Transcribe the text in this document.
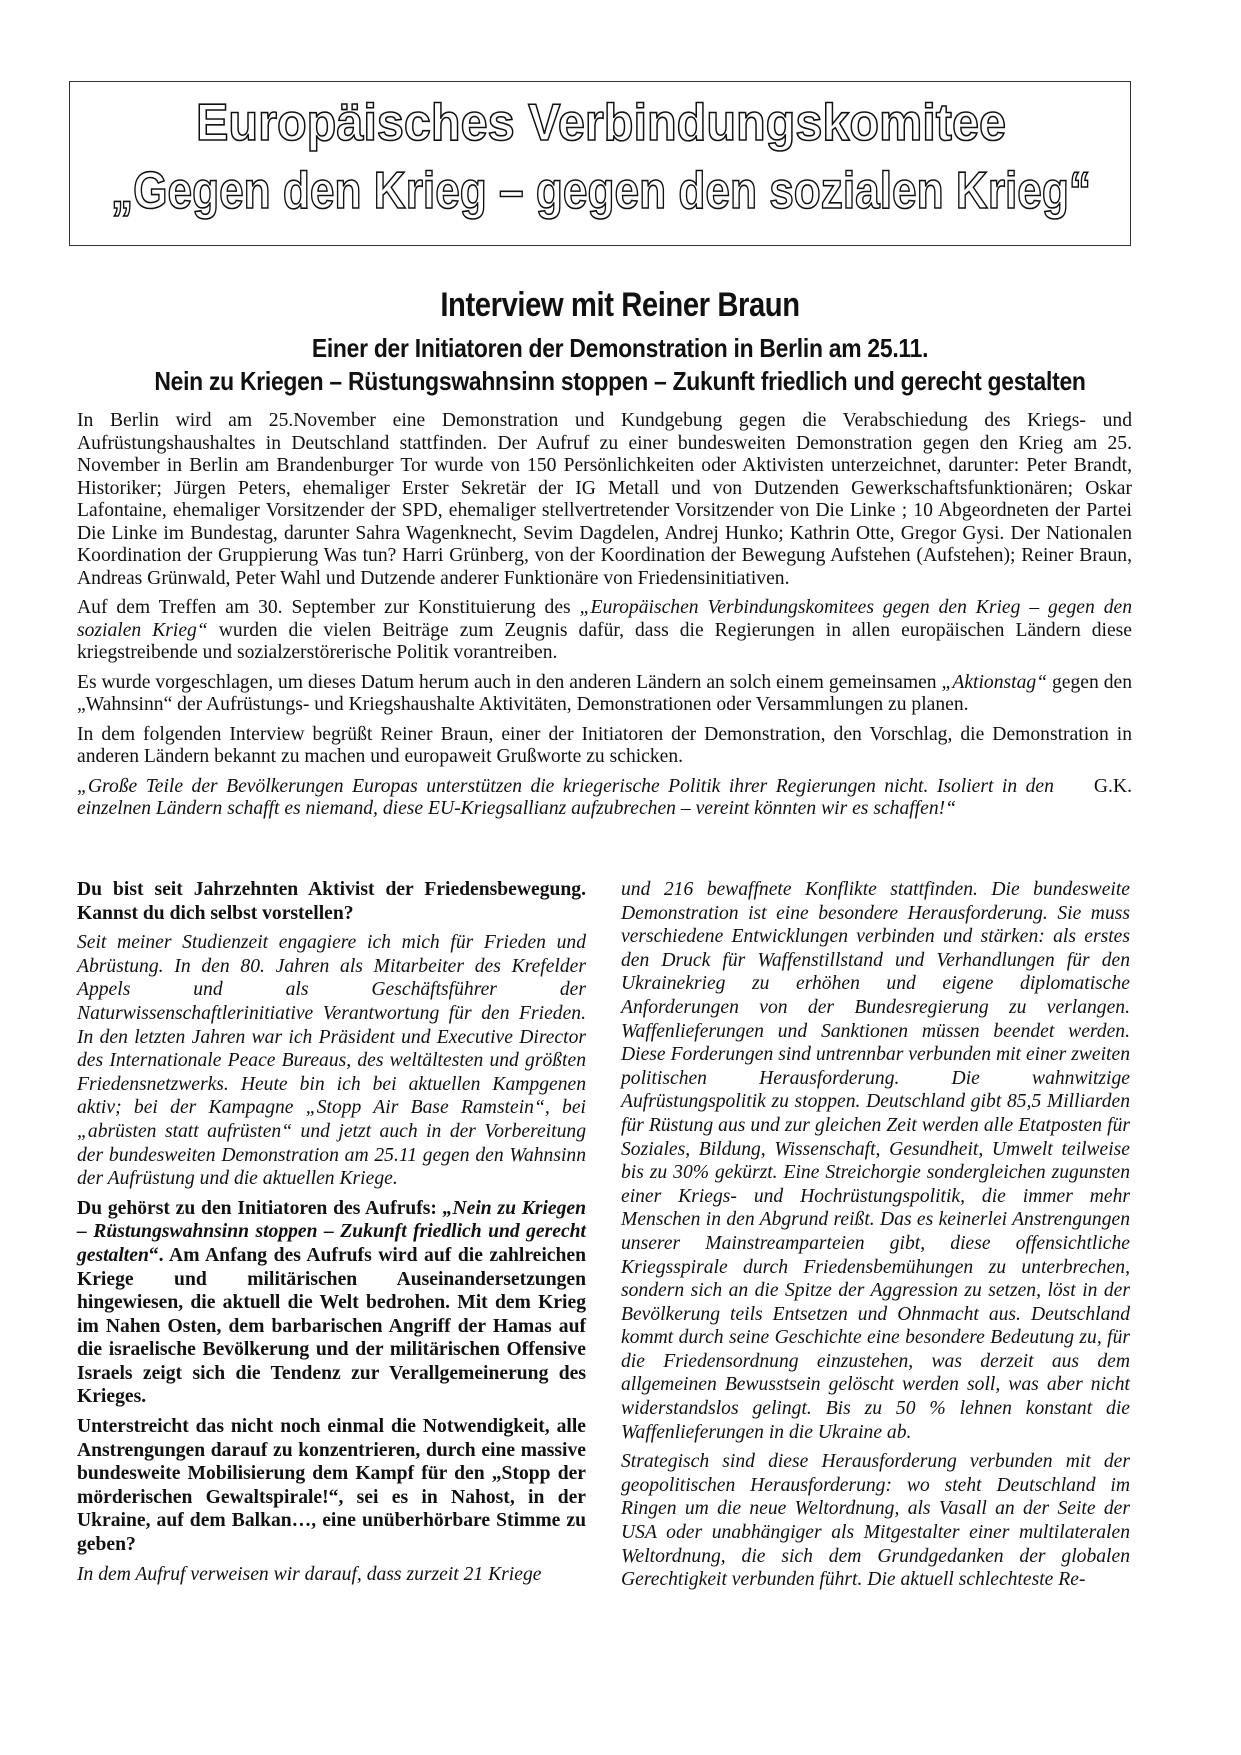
Europäisches Verbindungskomitee
„Gegen den Krieg – gegen den sozialen Krieg“
Interview mit Reiner Braun
Einer der Initiatoren der Demonstration in Berlin am 25.11.
Nein zu Kriegen – Rüstungswahnsinn stoppen – Zukunft friedlich und gerecht gestalten

In Berlin wird am 25.November eine Demonstration und Kundgebung gegen die Verabschiedung des Kriegs- und Aufrüstungshaushaltes in Deutschland stattfinden. Der Aufruf zu einer bundesweiten Demonstration gegen den Krieg am 25. November in Berlin am Brandenburger Tor wurde von 150 Persönlichkeiten oder Aktivisten unterzeichnet, darunter: Peter Brandt, Historiker; Jürgen Peters, ehemaliger Erster Sekretär der IG Metall und von Dutzenden Gewerkschaftsfunktionären; Oskar Lafontaine, ehemaliger Vorsitzender der SPD, ehemaliger stellvertretender Vorsitzender von Die Linke ; 10 Abgeordneten der Partei Die Linke im Bundestag, darunter Sahra Wagenknecht, Sevim Dagdelen, Andrej Hunko; Kathrin Otte, Gregor Gysi. Der Nationalen Koordination der Gruppierung Was tun? Harri Grünberg, von der Koordination der Bewegung Aufstehen (Aufstehen); Reiner Braun, Andreas Grünwald, Peter Wahl und Dutzende anderer Funktionäre von Friedensinitiativen.

Auf dem Treffen am 30. September zur Konstituierung des „Europäischen Verbindungskomitees gegen den Krieg – gegen den sozialen Krieg“ wurden die vielen Beiträge zum Zeugnis dafür, dass die Regierungen in allen europäischen Ländern diese kriegstreibende und sozialzerstörerische Politik vorantreiben.

Es wurde vorgeschlagen, um dieses Datum herum auch in den anderen Ländern an solch einem gemeinsamen „Aktionstag“ gegen den „Wahnsinn“ der Aufrüstungs- und Kriegshaushalte Aktivitäten, Demonstrationen oder Versammlungen zu planen.

In dem folgenden Interview begrüßt Reiner Braun, einer der Initiatoren der Demonstration, den Vorschlag, die Demonstration in anderen Ländern bekannt zu machen und europaweit Grußworte zu schicken.

G.K.
„Große Teile der Bevölkerungen Europas unterstützen die kriegerische Politik ihrer Regierungen nicht. Isoliert in den einzelnen Ländern schafft es niemand, diese EU-Kriegsallianz aufzubrechen – vereint könnten wir es schaffen!“

Du bist seit Jahrzehnten Aktivist der Friedensbewegung. Kannst du dich selbst vorstellen?

Seit meiner Studienzeit engagiere ich mich für Frieden und Abrüstung. In den 80. Jahren als Mitarbeiter des Krefelder Appels und als Geschäftsführer der Naturwissenschaftlerinitiative Verantwortung für den Frieden. In den letzten Jahren war ich Präsident und Executive Director des Internationale Peace Bureaus, des weltältesten und größten Friedensnetzwerks. Heute bin ich bei aktuellen Kampgenen aktiv; bei der Kampagne „Stopp Air Base Ramstein“, bei „abrüsten statt aufrüsten“ und jetzt auch in der Vorbereitung der bundesweiten Demonstration am 25.11 gegen den Wahnsinn der Aufrüstung und die aktuellen Kriege.

Du gehörst zu den Initiatoren des Aufrufs: „Nein zu Kriegen – Rüstungswahnsinn stoppen – Zukunft friedlich und gerecht gestalten“. Am Anfang des Aufrufs wird auf die zahlreichen Kriege und militärischen Auseinandersetzungen hingewiesen, die aktuell die Welt bedrohen. Mit dem Krieg im Nahen Osten, dem barbarischen Angriff der Hamas auf die israelische Bevölkerung und der militärischen Offensive Israels zeigt sich die Tendenz zur Verallgemeinerung des Krieges.

Unterstreicht das nicht noch einmal die Notwendigkeit, alle Anstrengungen darauf zu konzentrieren, durch eine massive bundesweite Mobilisierung dem Kampf für den „Stopp der mörderischen Gewaltspirale!“, sei es in Nahost, in der Ukraine, auf dem Balkan…, eine unüberhörbare Stimme zu geben?

In dem Aufruf verweisen wir darauf, dass zurzeit 21 Kriege

und 216 bewaffnete Konflikte stattfinden. Die bundesweite Demonstration ist eine besondere Herausforderung. Sie muss verschiedene Entwicklungen verbinden und stärken: als erstes den Druck für Waffenstillstand und Verhandlungen für den Ukrainekrieg zu erhöhen und eigene diplomatische Anforderungen von der Bundesregierung zu verlangen. Waffenlieferungen und Sanktionen müssen beendet werden. Diese Forderungen sind untrennbar verbunden mit einer zweiten politischen Herausforderung. Die wahnwitzige Aufrüstungspolitik zu stoppen. Deutschland gibt 85,5 Milliarden für Rüstung aus und zur gleichen Zeit werden alle Etatposten für Soziales, Bildung, Wissenschaft, Gesundheit, Umwelt teilweise bis zu 30% gekürzt. Eine Streichorgie sondergleichen zugunsten einer Kriegs- und Hochrüstungspolitik, die immer mehr Menschen in den Abgrund reißt. Das es keinerlei Anstrengungen unserer Mainstreamparteien gibt, diese offensichtliche Kriegsspirale durch Friedensbemühungen zu unterbrechen, sondern sich an die Spitze der Aggression zu setzen, löst in der Bevölkerung teils Entsetzen und Ohnmacht aus. Deutschland kommt durch seine Geschichte eine besondere Bedeutung zu, für die Friedensordnung einzustehen, was derzeit aus dem allgemeinen Bewusstsein gelöscht werden soll, was aber nicht widerstandslos gelingt. Bis zu 50 % lehnen konstant die Waffenlieferungen in die Ukraine ab.

Strategisch sind diese Herausforderung verbunden mit der geopolitischen Herausforderung: wo steht Deutschland im Ringen um die neue Weltordnung, als Vasall an der Seite der USA oder unabhängiger als Mitgestalter einer multilateralen Weltordnung, die sich dem Grundgedanken der globalen Gerechtigkeit verbunden führt. Die aktuell schlechteste Re-
